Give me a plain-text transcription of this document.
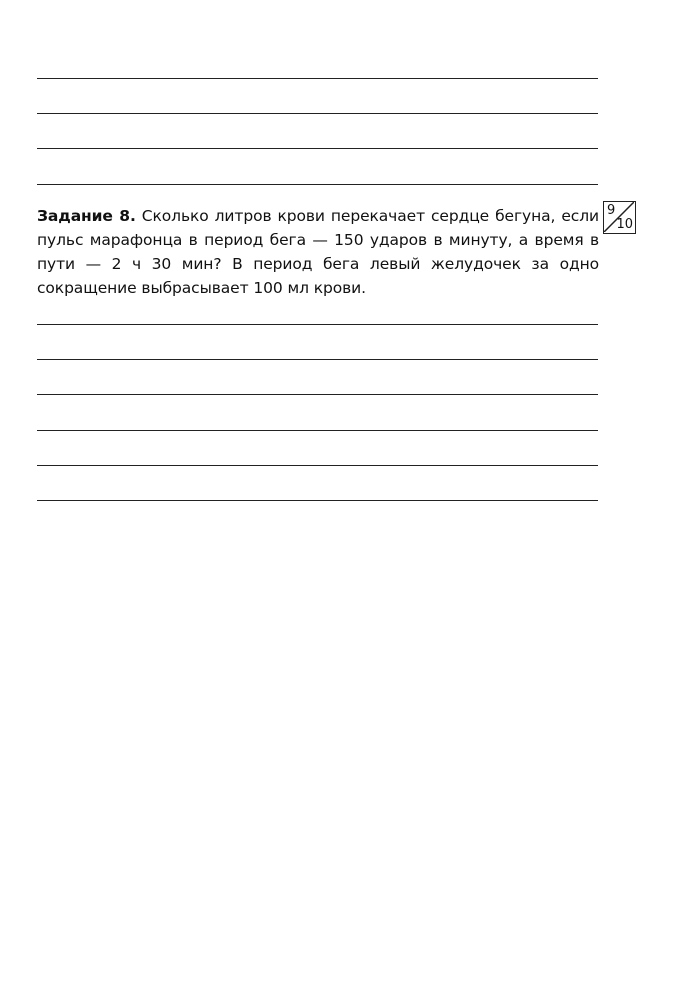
Задание 8. Сколько литров крови перекачает сердце бегуна, если пульс марафонца в период бега — 150 ударов в минуту, а время в пути — 2 ч 30 мин? В период бега левый желудочек за одно сокращение выбрасывает 100 мл крови.
9
10
